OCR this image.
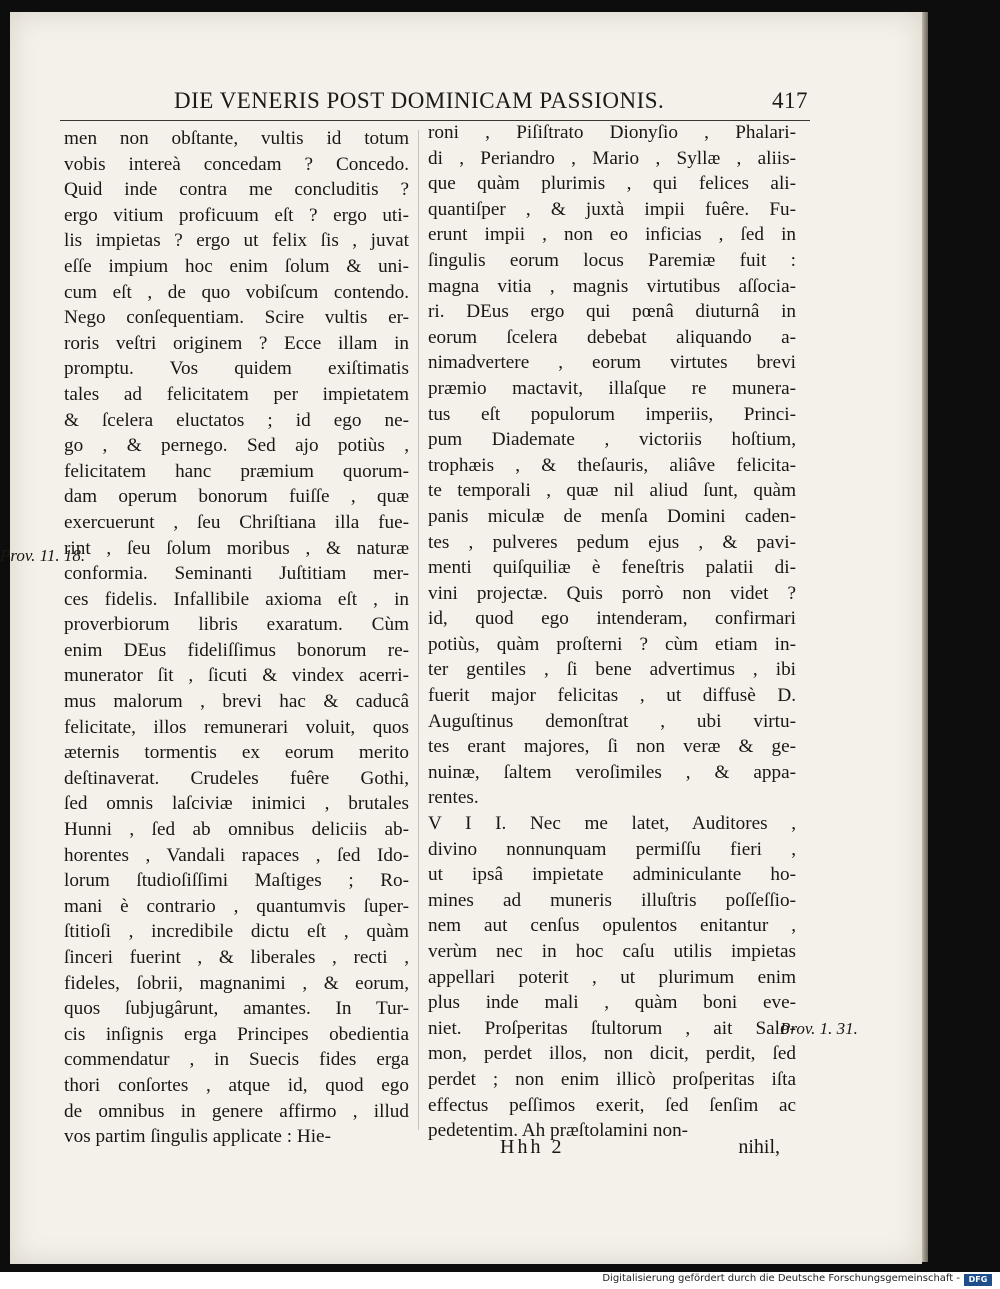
DIE VENERIS POST DOMINICAM PASSIONIS.	417
men non obſtante, vultis id totum
vobis intereà concedam ? Concedo.
Quid inde contra me concluditis ?
ergo vitium proficuum eſt ? ergo uti-
lis impietas ? ergo ut felix ſis , juvat
eſſe impium hoc enim ſolum & uni-
cum eſt , de quo vobiſcum contendo.
Nego conſequentiam. Scire vultis er-
roris veſtri originem ? Ecce illam in
promptu. Vos quidem exiſtimatis
tales ad felicitatem per impietatem
& ſcelera eluctatos ; id ego ne-
go , & pernego. Sed ajo potiùs ,
felicitatem hanc præmium quorum-
dam operum bonorum fuiſſe , quæ
exercuerunt , ſeu Chriſtiana illa fue-
rint , ſeu ſolum moribus , & naturæ
conformia. Seminanti Juſtitiam mer-
ces fidelis. Infallibile axioma eſt , in
proverbiorum libris exaratum. Cùm
enim DEus fideliſſimus bonorum re-
munerator ſit , ſicuti & vindex acerri-
mus malorum , brevi hac & caducâ
felicitate, illos remunerari voluit, quos
æternis tormentis ex eorum merito
deſtinaverat. Crudeles fuêre Gothi,
ſed omnis laſciviæ inimici , brutales
Hunni , ſed ab omnibus deliciis ab-
horentes , Vandali rapaces , ſed Ido-
lorum ſtudioſiſſimi Maſtiges ; Ro-
mani è contrario , quantumvis ſuper-
ſtitioſi , incredibile dictu eſt , quàm
ſinceri fuerint , & liberales , recti ,
fideles, ſobrii, magnanimi , & eorum,
quos ſubjugârunt, amantes. In Tur-
cis inſignis erga Principes obedientia
commendatur , in Suecis fides erga
thori conſortes , atque id, quod ego
de omnibus in genere affirmo , illud
vos partim ſingulis applicate : Hie-
roni , Piſiſtrato Dionyſio , Phalari-
di , Periandro , Mario , Syllæ , aliis-
que quàm plurimis , qui felices ali-
quantiſper , & juxtà impii fuêre. Fu-
erunt impii , non eo inficias , ſed in
ſingulis eorum locus Paremiæ fuit :
magna vitia , magnis virtutibus aſſocia-
ri. DEus ergo qui pœnâ diuturnâ in
eorum ſcelera debebat aliquando a-
nimadvertere , eorum virtutes brevi
præmio mactavit, illaſque re munera-
tus eſt populorum imperiis, Princi-
pum Diademate , victoriis hoſtium,
trophæis , & theſauris, aliâve felicita-
te temporali , quæ nil aliud ſunt, quàm
panis miculæ de menſa Domini caden-
tes , pulveres pedum ejus , & pavi-
menti quiſquiliæ è feneſtris palatii di-
vini projectæ. Quis porrò non videt ?
id, quod ego intenderam, confirmari
potiùs, quàm proſterni ? cùm etiam in-
ter gentiles , ſi bene advertimus , ibi
fuerit major felicitas , ut diffusè D.
Auguſtinus demonſtrat , ubi virtu-
tes erant majores, ſi non veræ & ge-
nuinæ, ſaltem veroſimiles , & appa-
rentes.
V I I. Nec me latet, Auditores ,
divino nonnunquam permiſſu fieri ,
ut ipsâ impietate adminiculante ho-
mines ad muneris illuſtris poſſeſſio-
nem aut cenſus opulentos enitantur ,
verùm nec in hoc caſu utilis impietas
appellari poterit , ut plurimum enim
plus inde mali , quàm boni eve-
niet. Proſperitas ſtultorum , ait Salo-
mon, perdet illos, non dicit, perdit, ſed
perdet ; non enim illicò proſperitas iſta
effectus peſſimos exerit, ſed ſenſim ac
pedetentim. Ah præſtolamini non-
Prov. 11. 18.
Prov. 1. 31.
Hhh 2	nihil,
Digitalisierung gefördert durch die Deutsche Forschungsgemeinschaft -	DFG
